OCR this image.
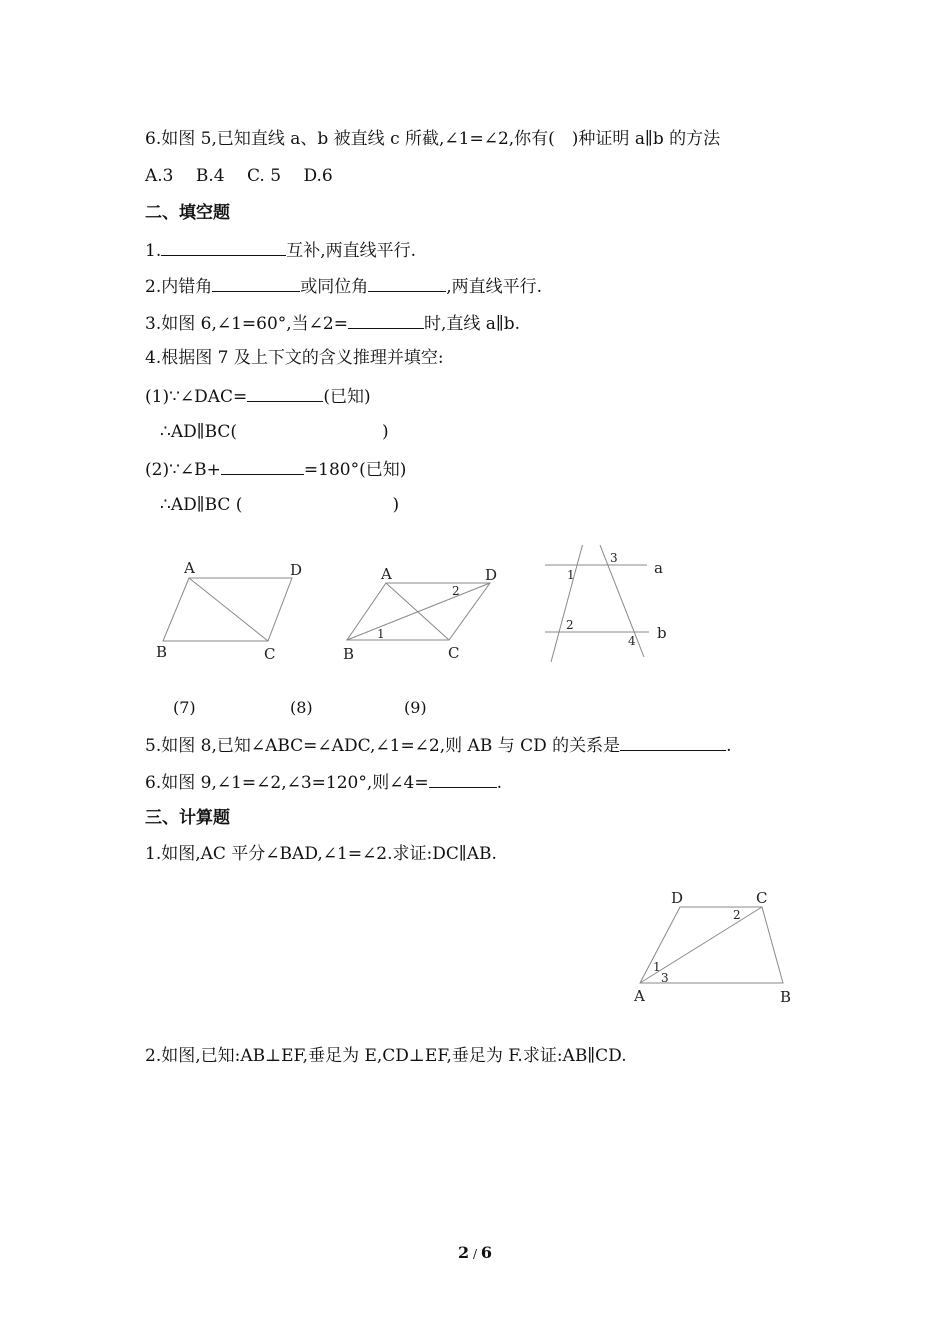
6.如图 5,已知直线 a、b 被直线 c 所截,∠1=∠2,你有(　)种证明 a∥b 的方法
A.3　 B.4　 C. 5　 D.6
二、填空题
1.	互补,两直线平行.
2.内错角	或同位角	,两直线平行.
3.如图 6,∠1=60°,当∠2=	时,直线 a∥b.
4.根据图 7 及上下文的含义推理并填空:
(1)∵∠DAC=	(已知)
∴AD∥BC(	)
(2)∵∠B+	=180°(已知)
∴AD∥BC (	)
A	D
B	C
A	D
B	C
1
2
3
1
2
4
a
b
(7)	(8)	(9)
5.如图 8,已知∠ABC=∠ADC,∠1=∠2,则 AB 与 CD 的关系是	.
6.如图 9,∠1=∠2,∠3=120°,则∠4=	.
三、计算题
1.如图,AC 平分∠BAD,∠1=∠2.求证:DC∥AB.
D	C
A	B
1
3
2
2.如图,已知:AB⊥EF,垂足为 E,CD⊥EF,垂足为 F.求证:AB∥CD.
2 / 6
